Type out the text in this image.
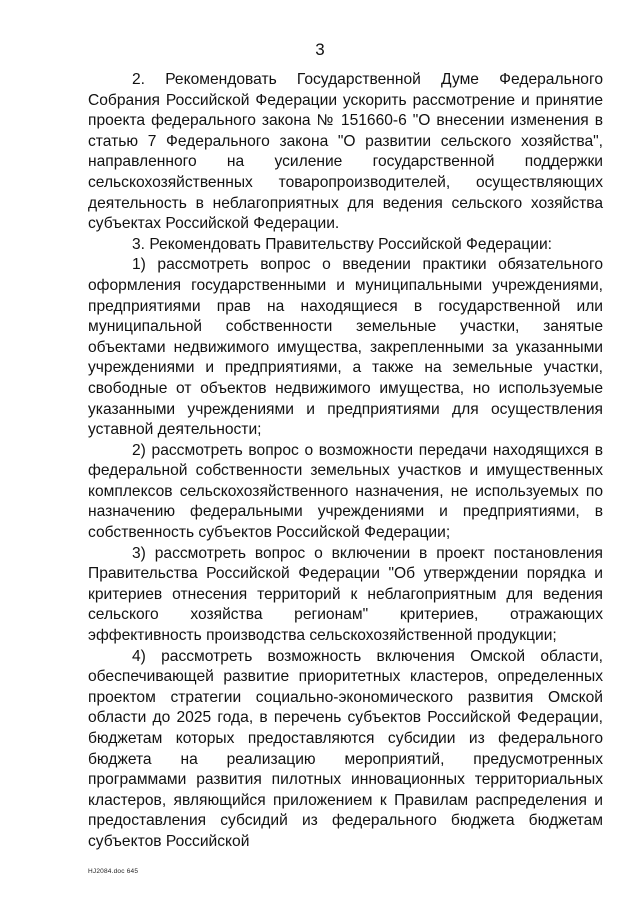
3

2. Рекомендовать Государственной Думе Федерального Собрания Российской Федерации ускорить рассмотрение и принятие проекта федерального закона № 151660-6 "О внесении изменения в статью 7 Федерального закона "О развитии сельского хозяйства", направленного на усиление государственной поддержки сельскохозяйственных товаропроизводителей, осуществляющих деятельность в неблагоприятных для ведения сельского хозяйства субъектах Российской Федерации.

3. Рекомендовать Правительству Российской Федерации:

1) рассмотреть вопрос о введении практики обязательного оформления государственными и муниципальными учреждениями, предприятиями прав на находящиеся в государственной или муниципальной собственности земельные участки, занятые объектами недвижимого имущества, закрепленными за указанными учреждениями и предприятиями, а также на земельные участки, свободные от объектов недвижимого имущества, но используемые указанными учреждениями и предприятиями для осуществления уставной деятельности;

2) рассмотреть вопрос о возможности передачи находящихся в федеральной собственности земельных участков и имущественных комплексов сельскохозяйственного назначения, не используемых по назначению федеральными учреждениями и предприятиями, в собственность субъектов Российской Федерации;

3) рассмотреть вопрос о включении в проект постановления Правительства Российской Федерации "Об утверждении порядка и критериев отнесения территорий к неблагоприятным для ведения сельского хозяйства регионам" критериев, отражающих эффективность производства сельскохозяйственной продукции;

4) рассмотреть возможность включения Омской области, обеспечивающей развитие приоритетных кластеров, определенных проектом стратегии социально-экономического развития Омской области до 2025 года, в перечень субъектов Российской Федерации, бюджетам которых предоставляются субсидии из федерального бюджета на реализацию мероприятий, предусмотренных программами развития пилотных инновационных территориальных кластеров, являющийся приложением к Правилам распределения и предоставления субсидий из федерального бюджета бюджетам субъектов Российской

НJ2084.doc 645
